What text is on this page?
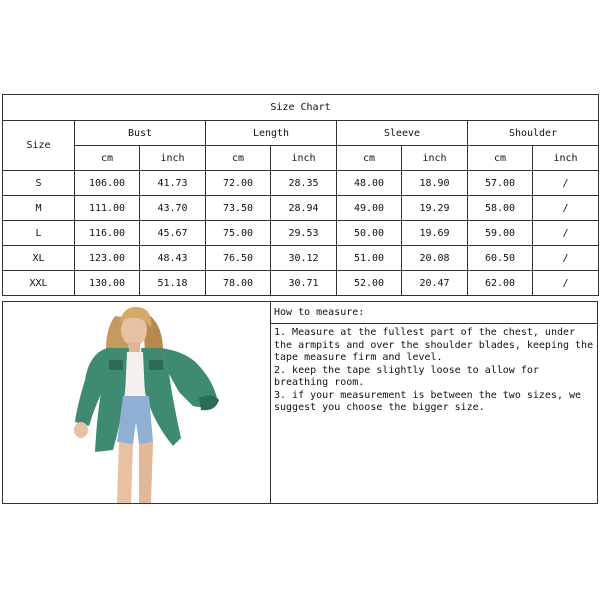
Size Chart								
Size	Bust		Length		Sleeve		Shoulder	
	cm	inch	cm	inch	cm	inch	cm	inch
S	106.00	41.73	72.00	28.35	48.00	18.90	57.00	/
M	111.00	43.70	73.50	28.94	49.00	19.29	58.00	/
L	116.00	45.67	75.00	29.53	50.00	19.69	59.00	/
XL	123.00	48.43	76.50	30.12	51.00	20.08	60.50	/
XXL	130.00	51.18	78.00	30.71	52.00	20.47	62.00	/
How to measure:

1. Measure at the fullest part of the chest, under the armpits and over the shoulder blades, keeping the tape measure firm and level.

2. keep the tape slightly loose to allow for breathing room.

3. if your measurement is between the two sizes, we suggest you choose the bigger size.
